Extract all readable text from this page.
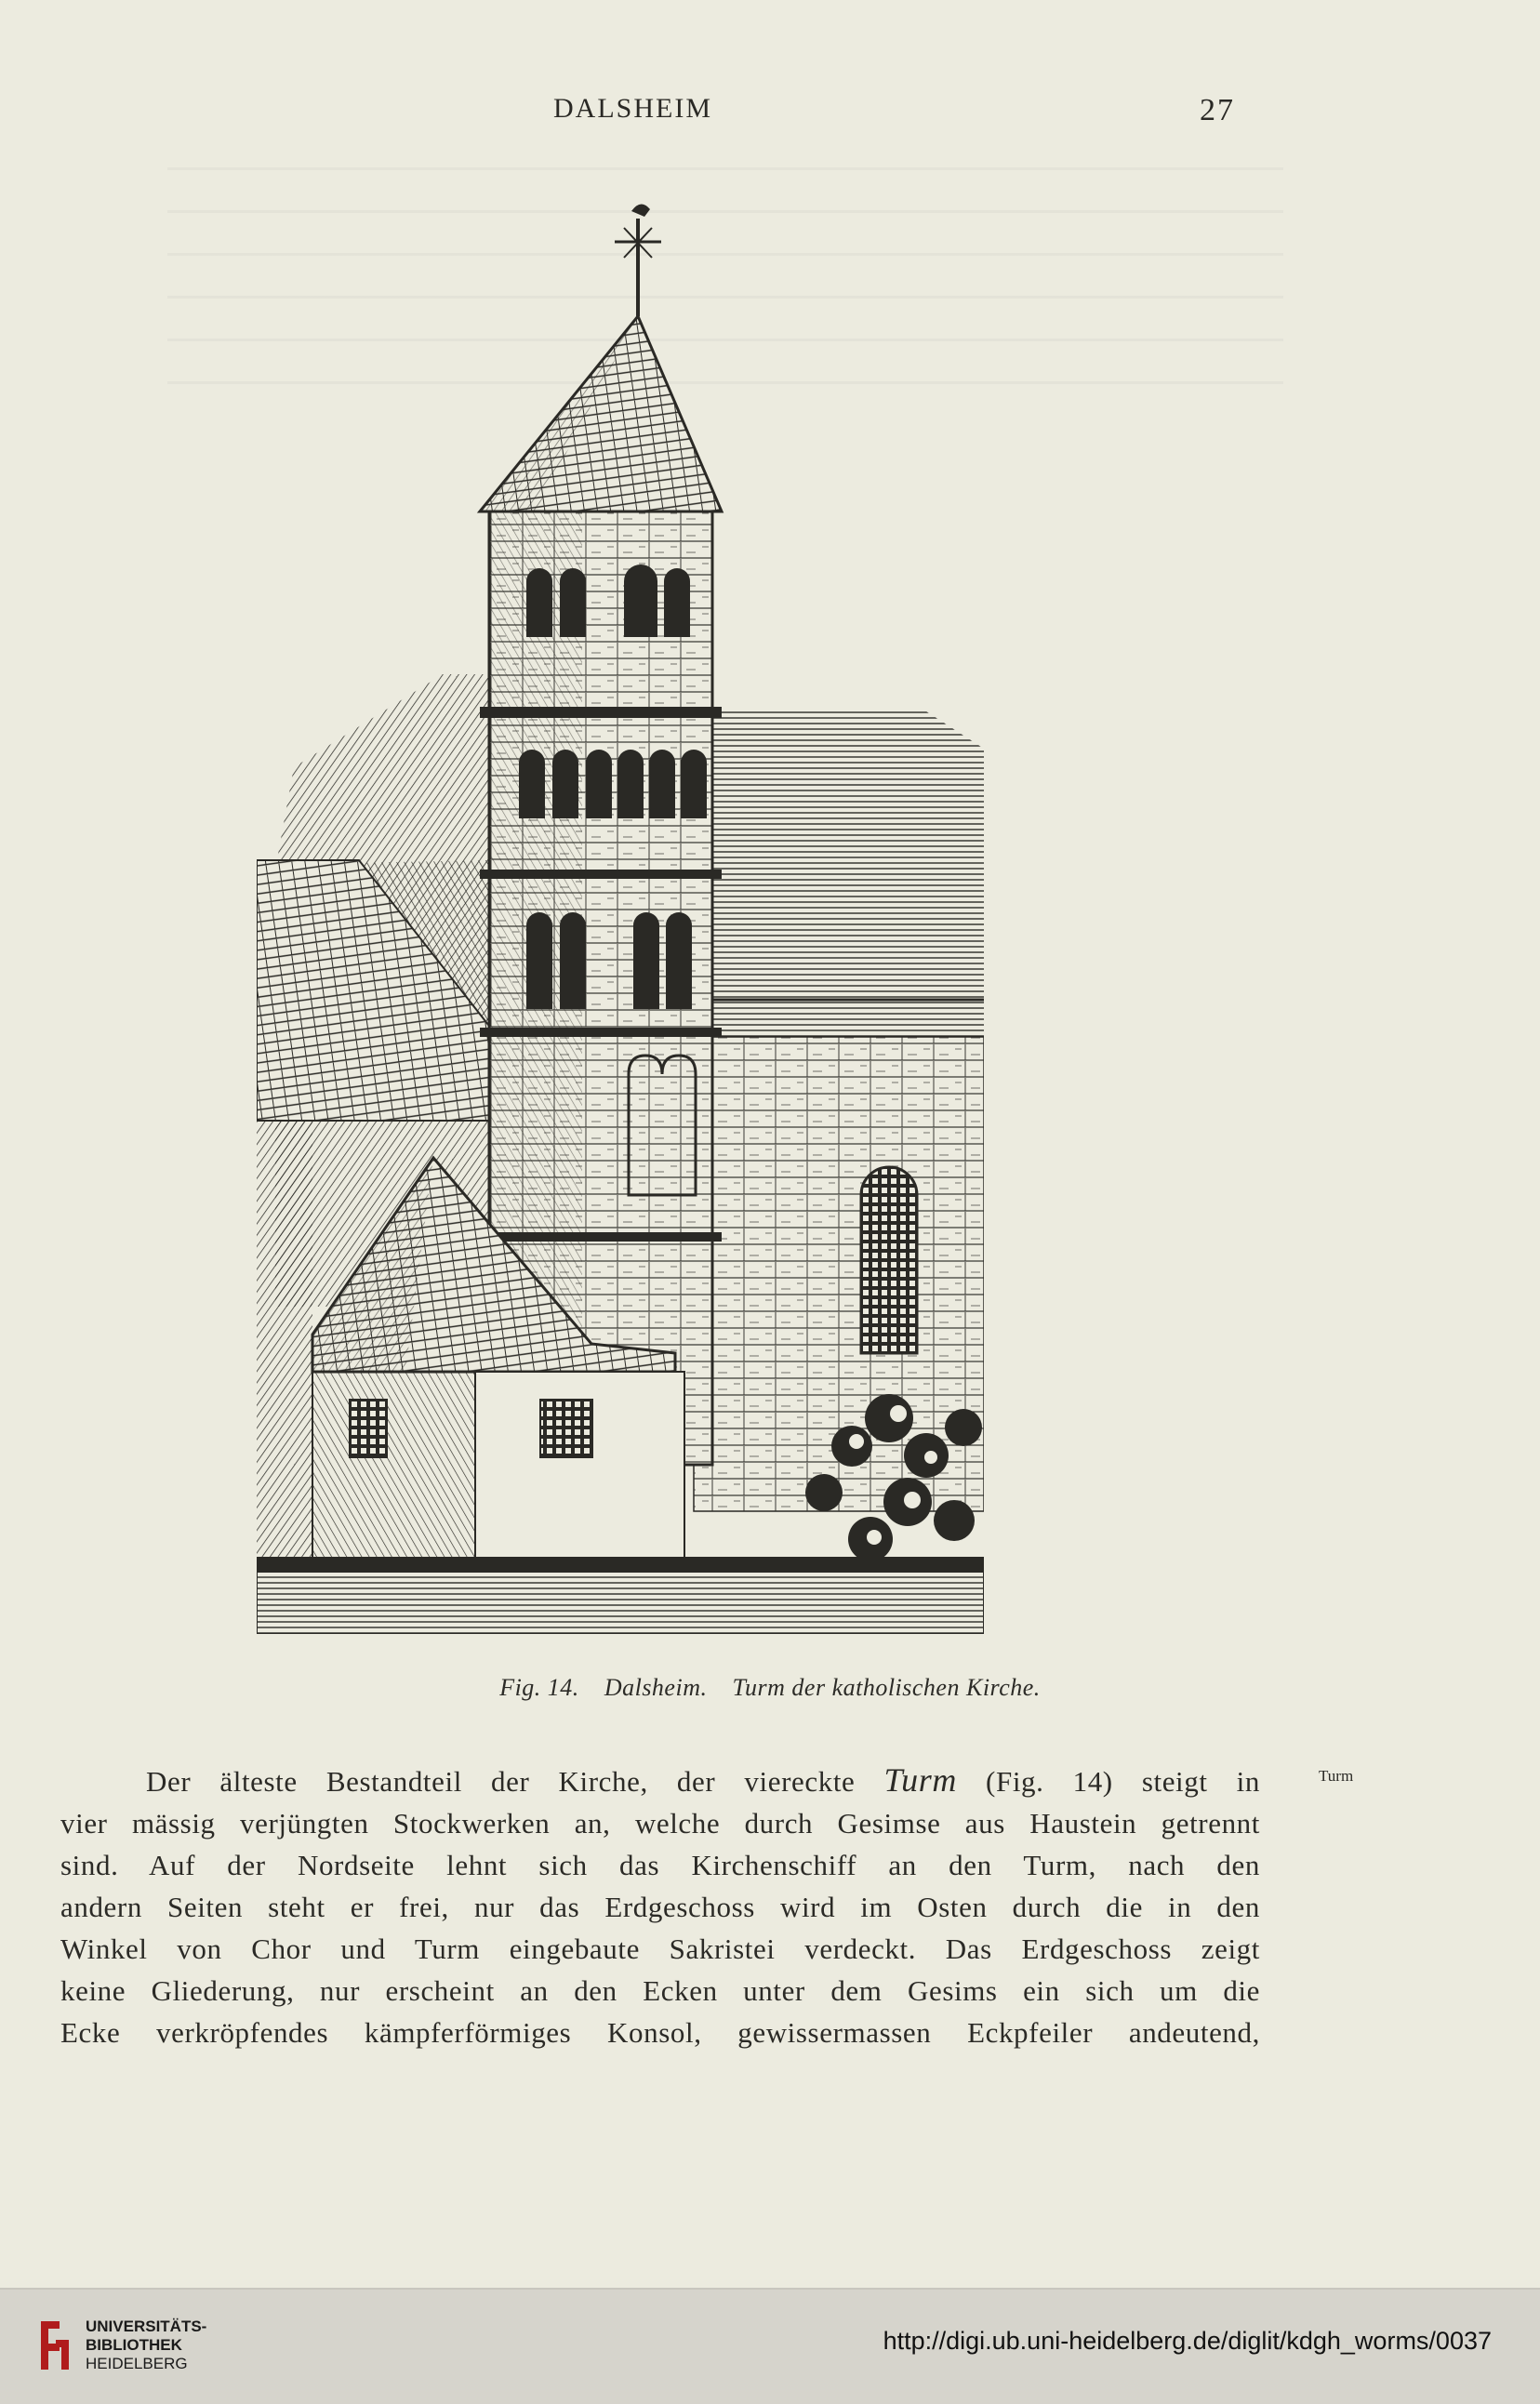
DALSHEIM	27
Fig. 14. Dalsheim. Turm der katholischen Kirche.
Turm
Der älteste Bestandteil der Kirche, der viereckte Turm (Fig. 14) steigt in
vier mässig verjüngten Stockwerken an, welche durch Gesimse aus Haustein getrennt
sind. Auf der Nordseite lehnt sich das Kirchenschiff an den Turm, nach den
andern Seiten steht er frei, nur das Erdgeschoss wird im Osten durch die in den
Winkel von Chor und Turm eingebaute Sakristei verdeckt. Das Erdgeschoss zeigt
keine Gliederung, nur erscheint an den Ecken unter dem Gesims ein sich um die
Ecke verkröpfendes kämpferförmiges Konsol, gewissermassen Eckpfeiler andeutend,
UNIVERSITÄTS-
BIBLIOTHEK
HEIDELBERG
http://digi.ub.uni-heidelberg.de/diglit/kdgh_worms/0037
